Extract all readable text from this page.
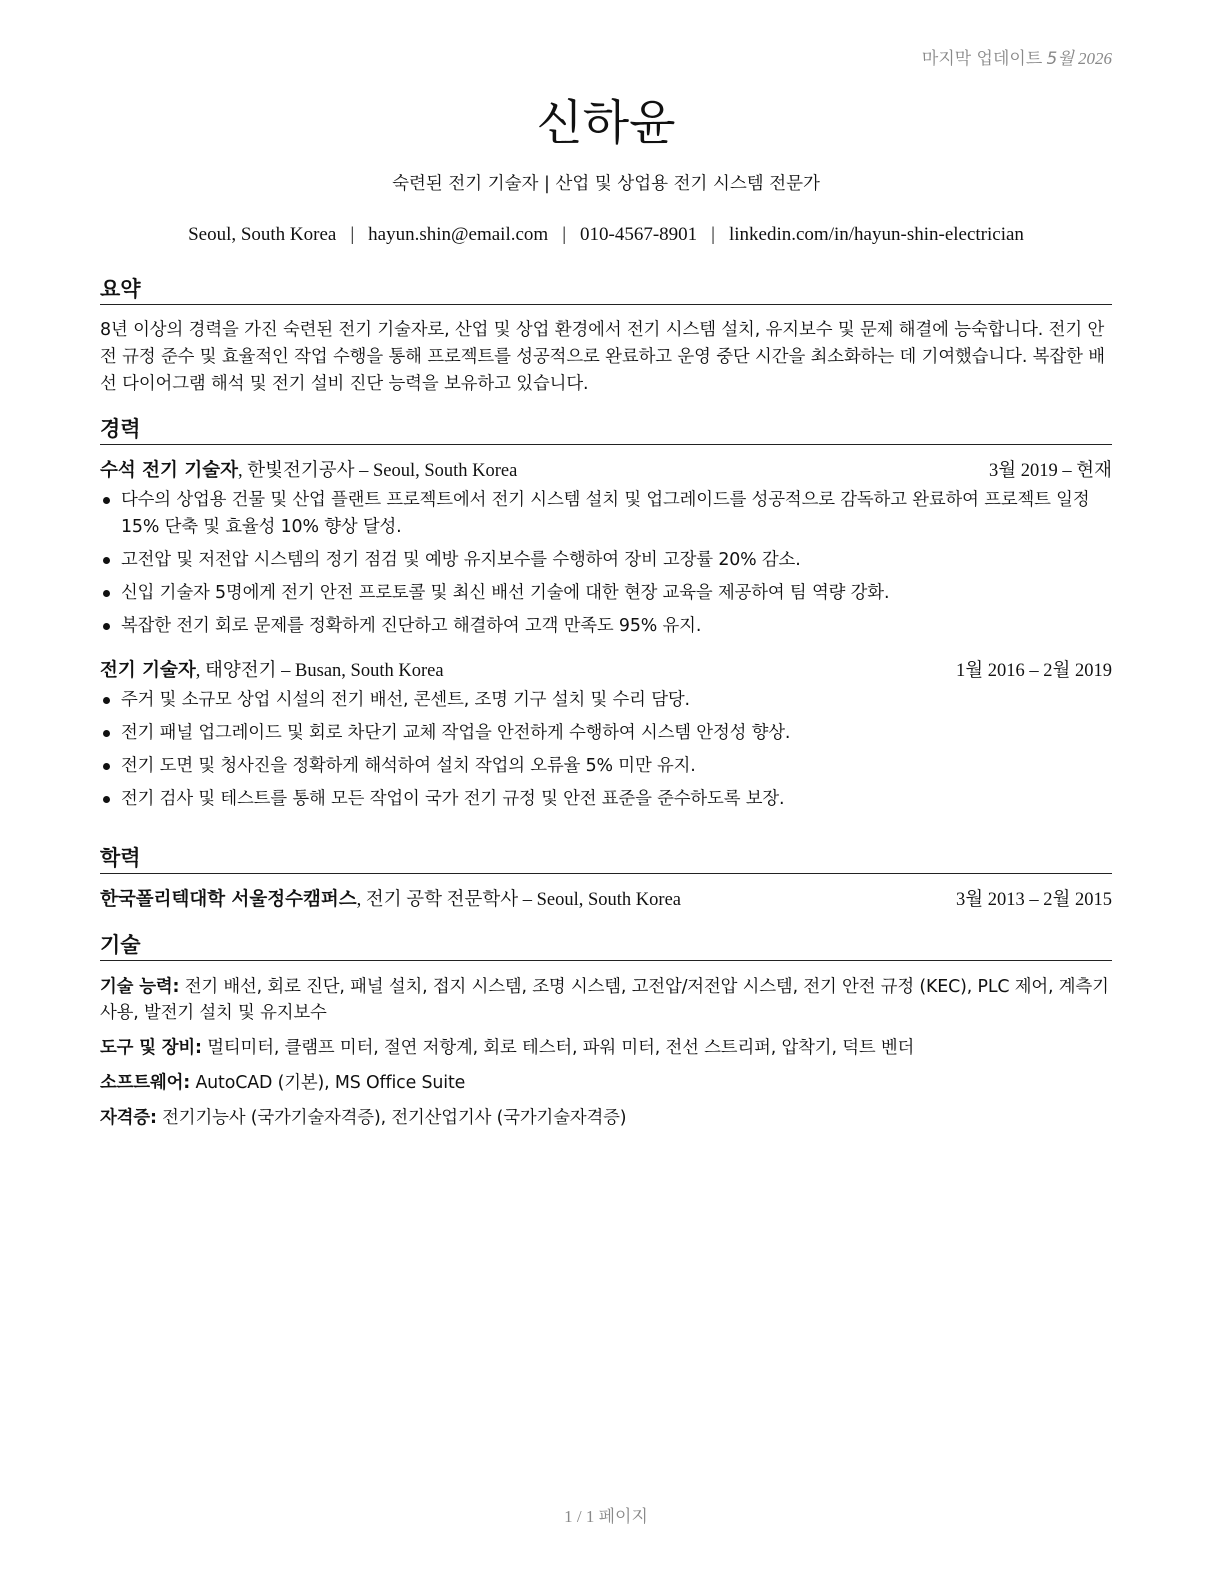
마지막 업데이트 5월 2026
신하윤
숙련된 전기 기술자 | 산업 및 상업용 전기 시스템 전문가
Seoul, South Korea | hayun.shin@email.com | 010-4567-8901 | linkedin.com/in/hayun-shin-electrician
요약
8년 이상의 경력을 가진 숙련된 전기 기술자로, 산업 및 상업 환경에서 전기 시스템 설치, 유지보수 및 문제 해결에 능숙합니다. 전기 안전 규정 준수 및 효율적인 작업 수행을 통해 프로젝트를 성공적으로 완료하고 운영 중단 시간을 최소화하는 데 기여했습니다. 복잡한 배선 다이어그램 해석 및 전기 설비 진단 능력을 보유하고 있습니다.
경력
수석 전기 기술자, 한빛전기공사 – Seoul, South Korea	3월 2019 – 현재
다수의 상업용 건물 및 산업 플랜트 프로젝트에서 전기 시스템 설치 및 업그레이드를 성공적으로 감독하고 완료하여 프로젝트 일정 15% 단축 및 효율성 10% 향상 달성.
고전압 및 저전압 시스템의 정기 점검 및 예방 유지보수를 수행하여 장비 고장률 20% 감소.
신입 기술자 5명에게 전기 안전 프로토콜 및 최신 배선 기술에 대한 현장 교육을 제공하여 팀 역량 강화.
복잡한 전기 회로 문제를 정확하게 진단하고 해결하여 고객 만족도 95% 유지.
전기 기술자, 태양전기 – Busan, South Korea	1월 2016 – 2월 2019
주거 및 소규모 상업 시설의 전기 배선, 콘센트, 조명 기구 설치 및 수리 담당.
전기 패널 업그레이드 및 회로 차단기 교체 작업을 안전하게 수행하여 시스템 안정성 향상.
전기 도면 및 청사진을 정확하게 해석하여 설치 작업의 오류율 5% 미만 유지.
전기 검사 및 테스트를 통해 모든 작업이 국가 전기 규정 및 안전 표준을 준수하도록 보장.
학력
한국폴리텍대학 서울정수캠퍼스, 전기 공학 전문학사 – Seoul, South Korea	3월 2013 – 2월 2015
기술
기술 능력: 전기 배선, 회로 진단, 패널 설치, 접지 시스템, 조명 시스템, 고전압/저전압 시스템, 전기 안전 규정 (KEC), PLC 제어, 계측기 사용, 발전기 설치 및 유지보수
도구 및 장비: 멀티미터, 클램프 미터, 절연 저항계, 회로 테스터, 파워 미터, 전선 스트리퍼, 압착기, 덕트 벤더
소프트웨어: AutoCAD (기본), MS Office Suite
자격증: 전기기능사 (국가기술자격증), 전기산업기사 (국가기술자격증)
1 / 1 페이지
